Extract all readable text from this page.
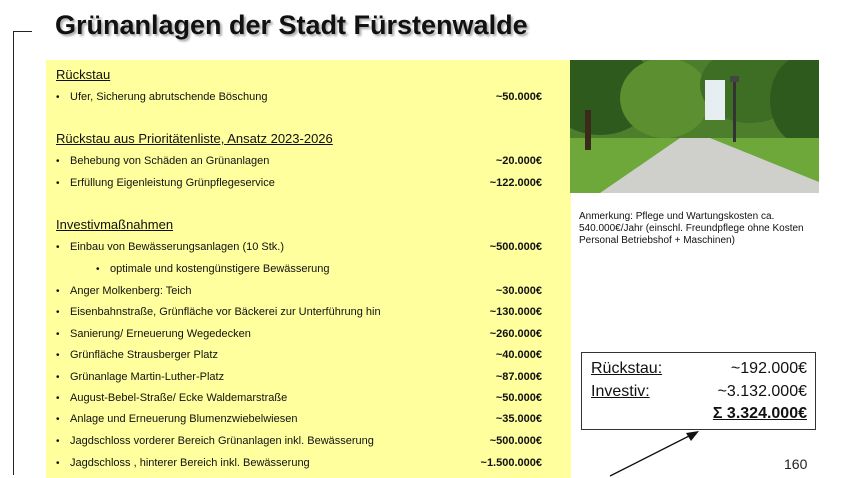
Grünanlagen der Stadt Fürstenwalde
Rückstau
• Ufer, Sicherung abrutschende Böschung	~50.000€
Rückstau aus Prioritätenliste, Ansatz 2023-2026
• Behebung von Schäden an Grünanlagen	~20.000€
• Erfüllung Eigenleistung Grünpflegeservice	~122.000€
Investivmaßnahmen
• Einbau von Bewässerungsanlagen (10 Stk.)	~500.000€
• optimale und kostengünstigere Bewässerung
• Anger Molkenberg: Teich	~30.000€
• Eisenbahnstraße, Grünfläche vor Bäckerei zur Unterführung hin	~130.000€
• Sanierung/ Erneuerung Wegedecken	~260.000€
• Grünfläche Strausberger Platz	~40.000€
• Grünanlage Martin-Luther-Platz	~87.000€
• August-Bebel-Straße/ Ecke Waldemarstraße	~50.000€
• Anlage und Erneuerung Blumenzwiebelwiesen	~35.000€
• Jagdschloss vorderer Bereich Grünanlagen inkl. Bewässerung	~500.000€
• Jagdschloss , hinterer Bereich inkl. Bewässerung	~1.500.000€

Anmerkung: Pflege und Wartungskosten ca. 540.000€/Jahr (einschl. Freundpflege ohne Kosten Personal Betriebshof + Maschinen)

Rückstau:	~192.000€
Investiv:	~3.132.000€
Σ 3.324.000€
160
